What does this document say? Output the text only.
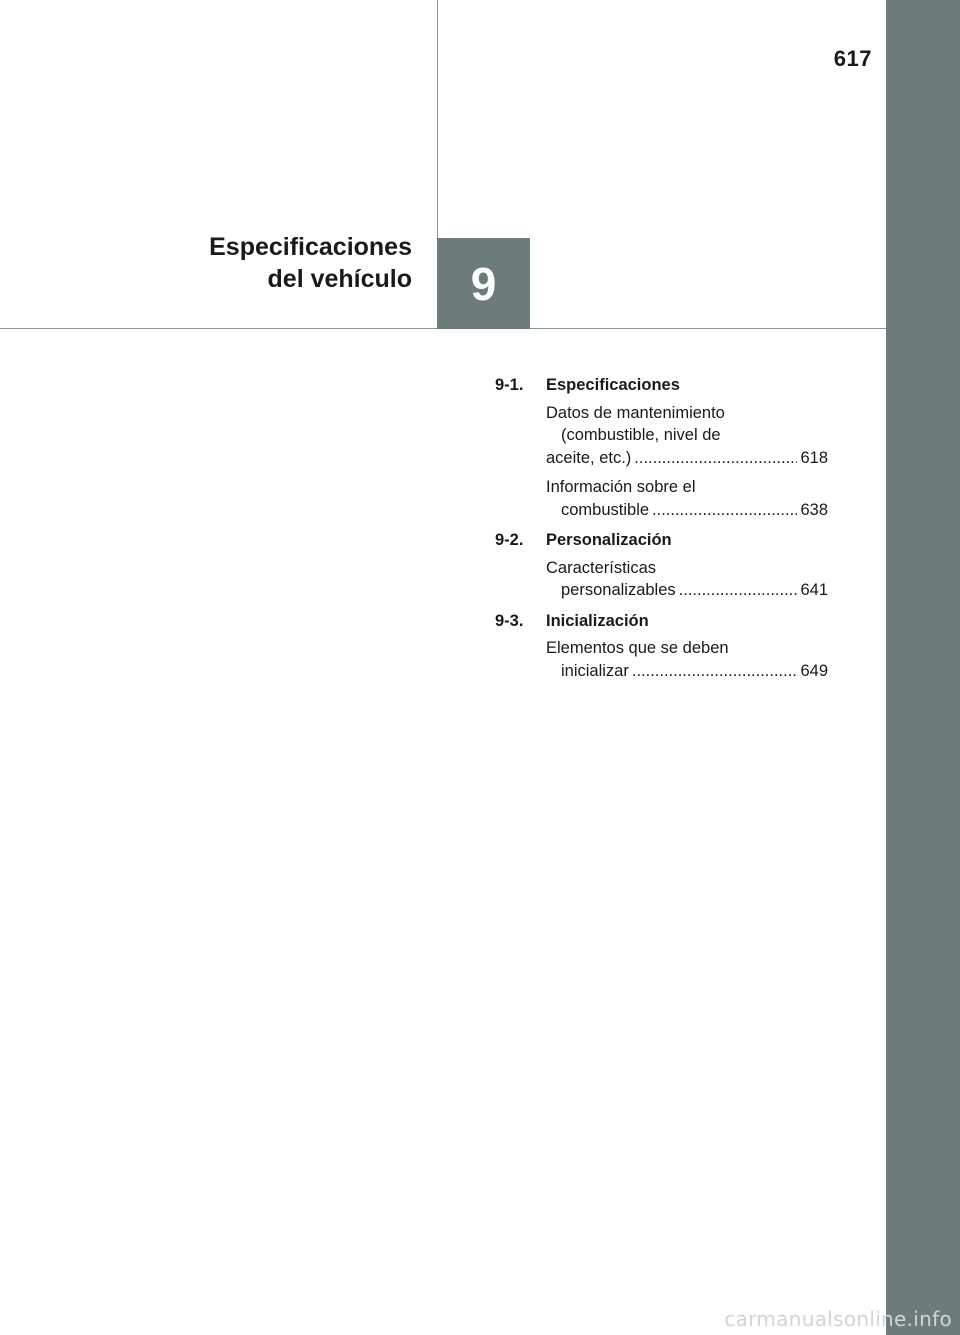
617
Especificaciones
del vehículo 9
9-1. Especificaciones
Datos de mantenimiento
(combustible, nivel de
aceite, etc.) .....	618
Información sobre el
combustible .....	638
9-2. Personalización
Características
personalizables .....	641
9-3. Inicialización
Elementos que se deben
inicializar .....	649
carmanualsonline.info
